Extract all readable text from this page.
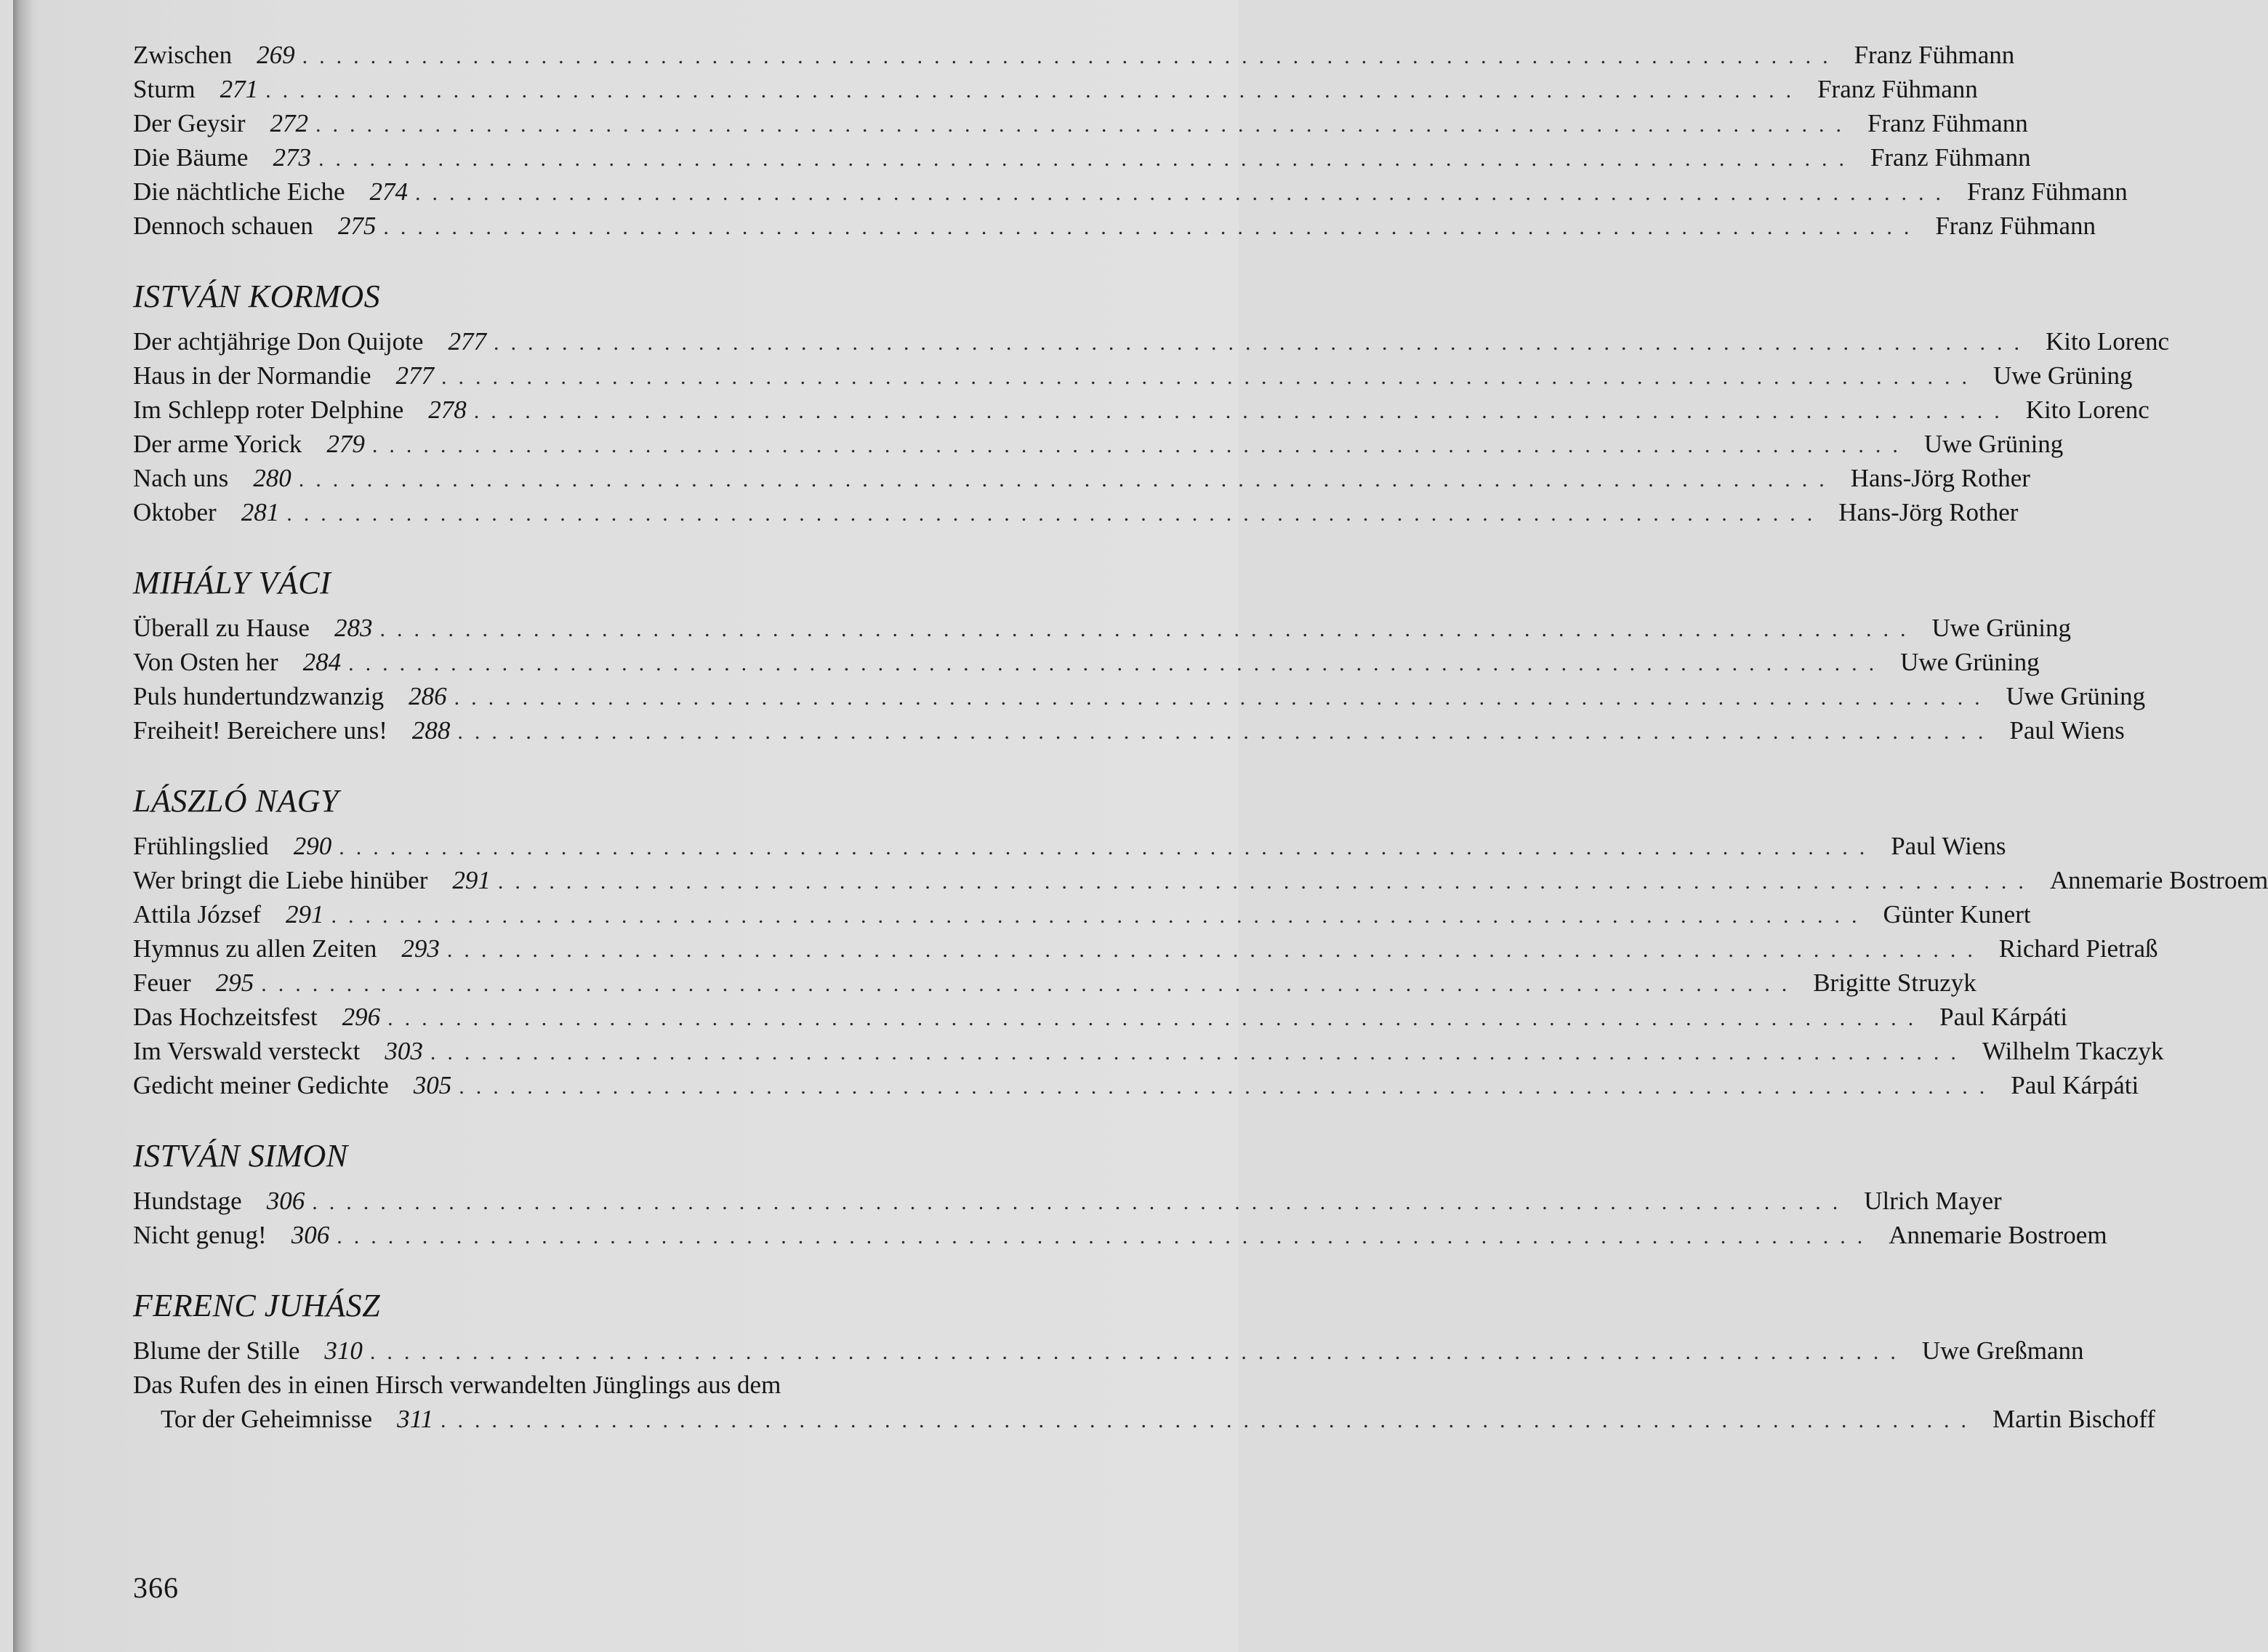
Zwischen 269 .......................................................................................... Franz Fühmann
Sturm 271 .......................................................................................... Franz Fühmann
Der Geysir 272 .......................................................................................... Franz Fühmann
Die Bäume 273 .......................................................................................... Franz Fühmann
Die nächtliche Eiche 274 .......................................................................................... Franz Fühmann
Dennoch schauen 275 .......................................................................................... Franz Fühmann
ISTVÁN KORMOS
Der achtjährige Don Quijote 277 .......................................................................................... Kito Lorenc
Haus in der Normandie 277 .......................................................................................... Uwe Grüning
Im Schlepp roter Delphine 278 .......................................................................................... Kito Lorenc
Der arme Yorick 279 .......................................................................................... Uwe Grüning
Nach uns 280 .......................................................................................... Hans-Jörg Rother
Oktober 281 .......................................................................................... Hans-Jörg Rother
MIHÁLY VÁCI
Überall zu Hause 283 .......................................................................................... Uwe Grüning
Von Osten her 284 .......................................................................................... Uwe Grüning
Puls hundertundzwanzig 286 .......................................................................................... Uwe Grüning
Freiheit! Bereichere uns! 288 .......................................................................................... Paul Wiens
LÁSZLÓ NAGY
Frühlingslied 290 .......................................................................................... Paul Wiens
Wer bringt die Liebe hinüber 291 .......................................................................................... Annemarie Bostroem
Attila József 291 .......................................................................................... Günter Kunert
Hymnus zu allen Zeiten 293 .......................................................................................... Richard Pietraß
Feuer 295 .......................................................................................... Brigitte Struzyk
Das Hochzeitsfest 296 .......................................................................................... Paul Kárpáti
Im Verswald versteckt 303 .......................................................................................... Wilhelm Tkaczyk
Gedicht meiner Gedichte 305 .......................................................................................... Paul Kárpáti
ISTVÁN SIMON
Hundstage 306 .......................................................................................... Ulrich Mayer
Nicht genug! 306 .......................................................................................... Annemarie Bostroem
FERENC JUHÁSZ
Blume der Stille 310 .......................................................................................... Uwe Greßmann
Das Rufen des in einen Hirsch verwandelten Jünglings aus dem
Tor der Geheimnisse 311 .......................................................................................... Martin Bischoff
366
